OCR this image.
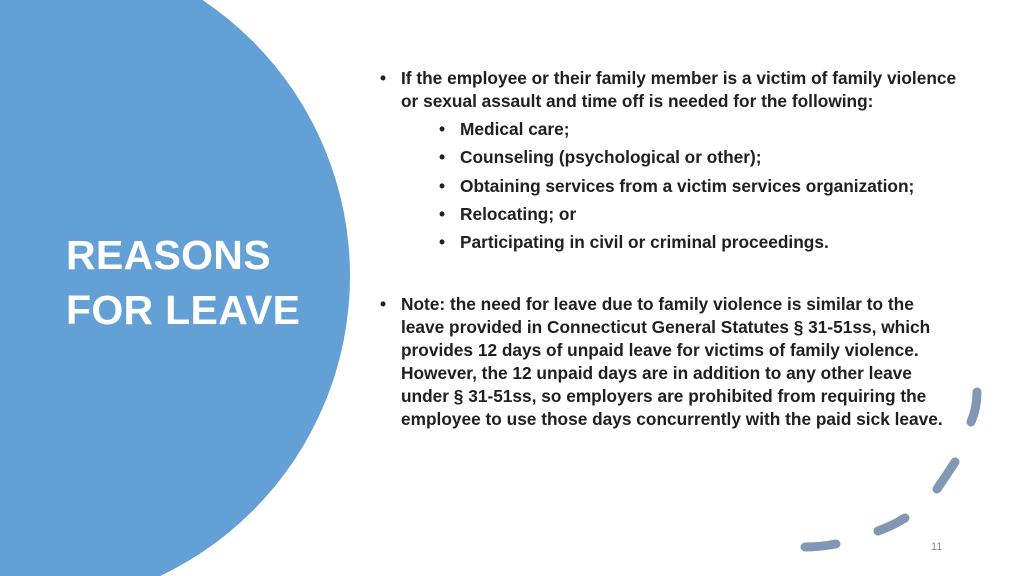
REASONS
FOR LEAVE
• If the employee or their family member is a victim of family violence or sexual assault and time off is needed for the following:
• Medical care;
• Counseling (psychological or other);
• Obtaining services from a victim services organization;
• Relocating; or
• Participating in civil or criminal proceedings.
• Note: the need for leave due to family violence is similar to the leave provided in Connecticut General Statutes § 31-51ss, which provides 12 days of unpaid leave for victims of family violence. However, the 12 unpaid days are in addition to any other leave under § 31-51ss, so employers are prohibited from requiring the employee to use those days concurrently with the paid sick leave.
11
